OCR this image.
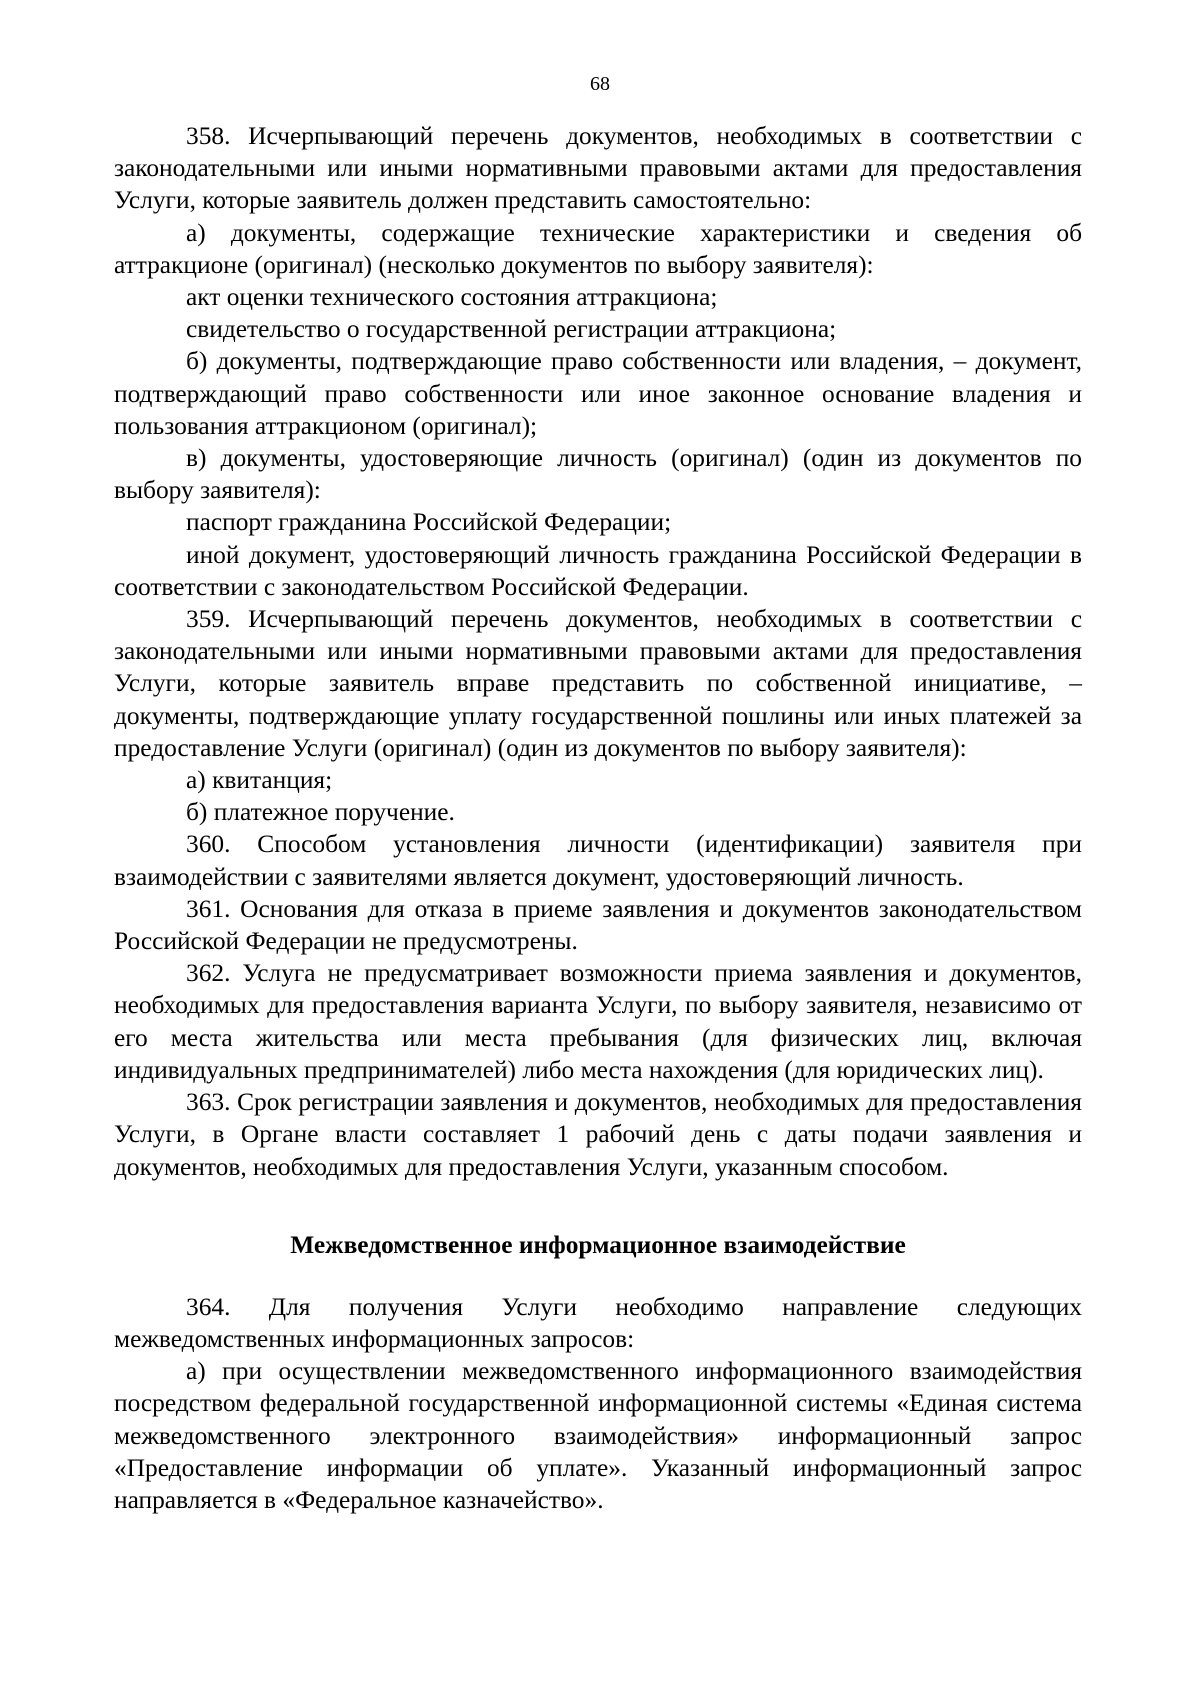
68

358. Исчерпывающий перечень документов, необходимых в соответствии с законодательными или иными нормативными правовыми актами для предоставления Услуги, которые заявитель должен представить самостоятельно:

а) документы, содержащие технические характеристики и сведения об аттракционе (оригинал) (несколько документов по выбору заявителя):

акт оценки технического состояния аттракциона;

свидетельство о государственной регистрации аттракциона;

б) документы, подтверждающие право собственности или владения, – документ, подтверждающий право собственности или иное законное основание владения и пользования аттракционом (оригинал);

в) документы, удостоверяющие личность (оригинал) (один из документов по выбору заявителя):

паспорт гражданина Российской Федерации;

иной документ, удостоверяющий личность гражданина Российской Федерации в соответствии с законодательством Российской Федерации.

359. Исчерпывающий перечень документов, необходимых в соответствии с законодательными или иными нормативными правовыми актами для предоставления Услуги, которые заявитель вправе представить по собственной инициативе, – документы, подтверждающие уплату государственной пошлины или иных платежей за предоставление Услуги (оригинал) (один из документов по выбору заявителя):

а) квитанция;

б) платежное поручение.

360. Способом установления личности (идентификации) заявителя при взаимодействии с заявителями является документ, удостоверяющий личность.

361. Основания для отказа в приеме заявления и документов законодательством Российской Федерации не предусмотрены.

362. Услуга не предусматривает возможности приема заявления и документов, необходимых для предоставления варианта Услуги, по выбору заявителя, независимо от его места жительства или места пребывания (для физических лиц, включая индивидуальных предпринимателей) либо места нахождения (для юридических лиц).

363. Срок регистрации заявления и документов, необходимых для предоставления Услуги, в Органе власти составляет 1 рабочий день с даты подачи заявления и документов, необходимых для предоставления Услуги, указанным способом.

Межведомственное информационное взаимодействие

364. Для получения Услуги необходимо направление следующих межведомственных информационных запросов:

а) при осуществлении межведомственного информационного взаимодействия посредством федеральной государственной информационной системы «Единая система межведомственного электронного взаимодействия» информационный запрос «Предоставление информации об уплате». Указанный информационный запрос направляется в «Федеральное казначейство».
